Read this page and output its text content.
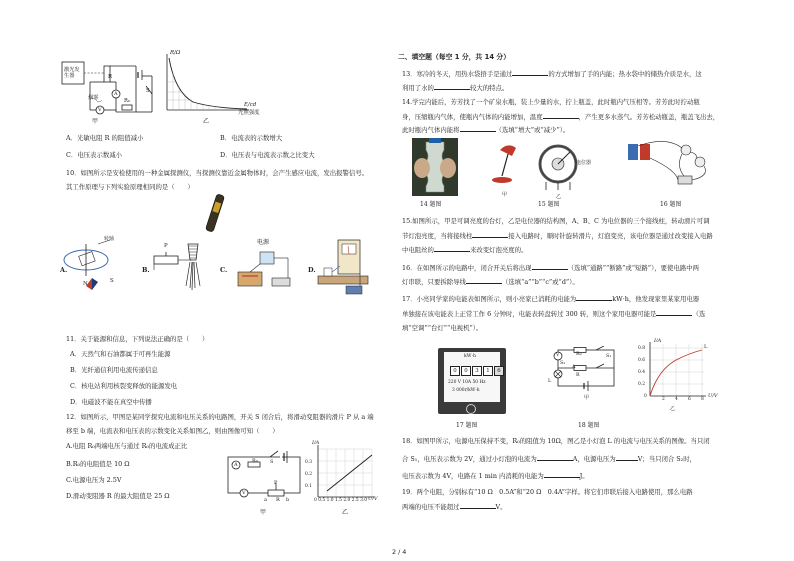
激光发生器	R
A
V
烟雾
S
R₀
甲
R/Ω
E/cd
光照强度
乙
A．光敏电阻 R 的阻值减小	B．电流表的示数增大
C．电压表示数减小	D．电压表与电流表示数之比变大
10．如图所示是安检使用的一种金属探测仪，当探测仪靠近金属物体时，会产生感应电流，发出报警信号。
其工作原理与下列实验原理相同的是（　　）
A.
转轴
N	S
B.
P
C.
电源
D.
11．关于能源和信息，下列说法正确的是（　　）
A．天然气和石油都属于可再生能源
B．光纤通信利用电流传递信息
C．核电站利用核裂变释放的能源发电
D．电磁波不能在真空中传播
12．如图所示，甲图是某同学探究电流和电压关系的电路图，开关 S 闭合后，将滑动变阻器的滑片 P 从 a 端
移至 b 端，电流表和电压表的示数变化关系如图乙，则由图像可知（　　）
A.电阻 R₀两端电压与通过 R₀的电流成正比
B.R₀的电阻值是 10 Ω
C.电源电压为 2.5V
D.滑动变阻器 R 的最大阻值是 25 Ω
A
R₀ S
V
P
a R b
甲
I/A
0.3
0.2
0.1
0 0.5 1.0 1.5 2.0 2.5 3.0 U/V
乙
二、填空题（每空 1 分，共 14 分）
13．寒冷的冬天，用热水袋捂手是通过	的方式增加了手的内能；热水袋中的储热介质是水，这
利用了水的	较大的特点。
14.学完内能后，芳芳找了一个矿泉水瓶，装上少量的水，拧上瓶盖，此时瓶内气压相等。芳芳此时拧动瓶
身，压缩瓶内气体，使瓶内气体的内能增加，温度	，产生更多水蒸气。芳芳松动瓶盖，瓶盖飞出去，
此时瓶内气体内能将	（选填“增大”或“减少”）。
14 题图
甲	乙
电位器
15 题图	16 题图
15.如图所示，甲是可调亮度的台灯，乙是电位器的结构图，A、B、C 为电位器的三个接线柱，转动滑片可调
节灯泡亮度，当将接线柱	接入电路时，顺时针旋转滑片，灯泡变亮，该电位器是通过改变接入电路
中电阻丝的	来改变灯泡亮度的。
16．在如图所示的电路中，闭合开关后将出现	（选填“通路”“断路”或“短路”），要使电路中两
灯串联，只要拆除导线	（选填“a”“b”“c”或“d”）。
17．小亮同学家的电能表如图所示，则小亮家已消耗的电能为	kW·h，他发现家里某家用电器
单独接在该电能表上正常工作 6 分钟时，电能表转盘转过 300 转，则这个家用电器可能是	（选
填“空调”“台灯”“电视机”）。
kW·h
0	0	3	1	6
220 V 10A 50 Hz
3 000r/kW·h
17 题图
V	R₀	S₁
S₂
L
A
R
甲
I/A
L
0.8
0.6
0.4
0.2
0
2 4 6 8
U/V
乙
18 题图
18．如图甲所示，电源电压保持不变，R₀的阻值为 10Ω，图乙是小灯泡 L 的电流与电压关系的图像。当只闭
合 S₁，电压表示数为 2V，通过小灯泡的电流为	A，电源电压为	V；当只闭合 S₂时，
电压表示数为 4V，电路在 1 min 内消耗的电能为	J。
19．两个电阻，分别标有“10 Ω　0.5A”和“20 Ω　0.4A”字样。将它们串联后接入电路使用，那么电路
两端的电压不能超过	V。
2 / 4
